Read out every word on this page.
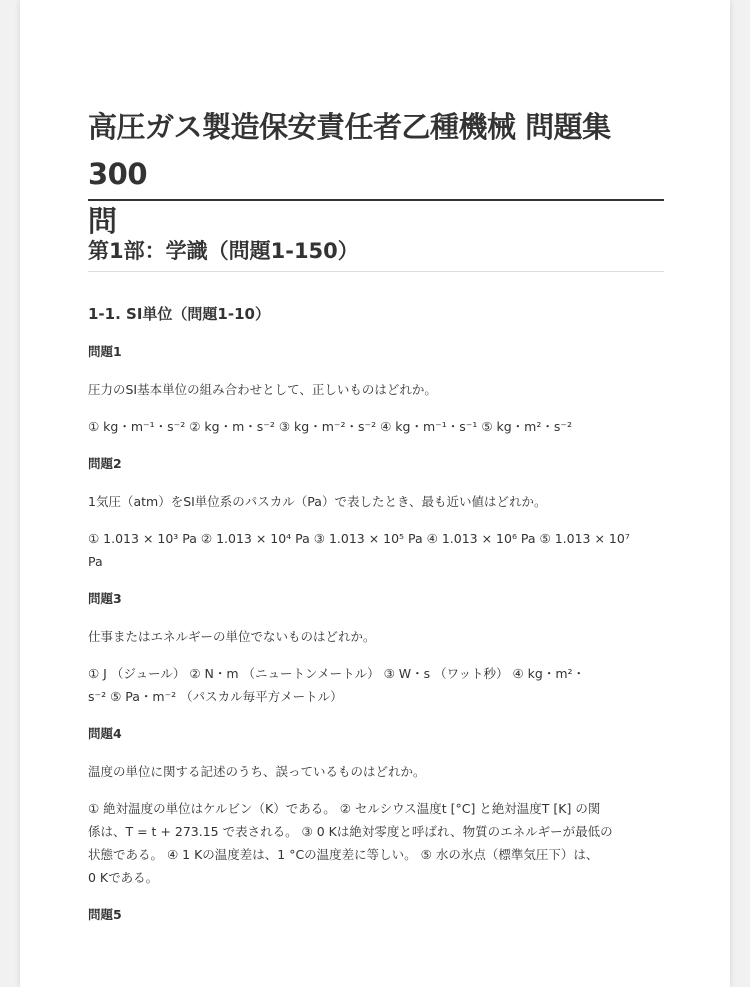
高圧ガス製造保安責任者乙種機械 問題集300
問
第1部：学識（問題1-150）
1-1. SI単位（問題1-10）
問題1
圧力のSI基本単位の組み合わせとして、正しいものはどれか。
① kg・m⁻¹・s⁻² ② kg・m・s⁻² ③ kg・m⁻²・s⁻² ④ kg・m⁻¹・s⁻¹ ⑤ kg・m²・s⁻²
問題2
1気圧（atm）をSI単位系のパスカル（Pa）で表したとき、最も近い値はどれか。
① 1.013 × 10³ Pa ② 1.013 × 10⁴ Pa ③ 1.013 × 10⁵ Pa ④ 1.013 × 10⁶ Pa ⑤ 1.013 × 10⁷
Pa
問題3
仕事またはエネルギーの単位でないものはどれか。
① J （ジュール） ② N・m （ニュートンメートル） ③ W・s （ワット秒） ④ kg・m²・
s⁻² ⑤ Pa・m⁻² （パスカル毎平方メートル）
問題4
温度の単位に関する記述のうち、誤っているものはどれか。
① 絶対温度の単位はケルビン（K）である。 ② セルシウス温度t [°C] と絶対温度T [K] の関
係は、T = t + 273.15 で表される。 ③ 0 Kは絶対零度と呼ばれ、物質のエネルギーが最低の
状態である。 ④ 1 Kの温度差は、1 °Cの温度差に等しい。 ⑤ 水の氷点（標準気圧下）は、
0 Kである。
問題5
